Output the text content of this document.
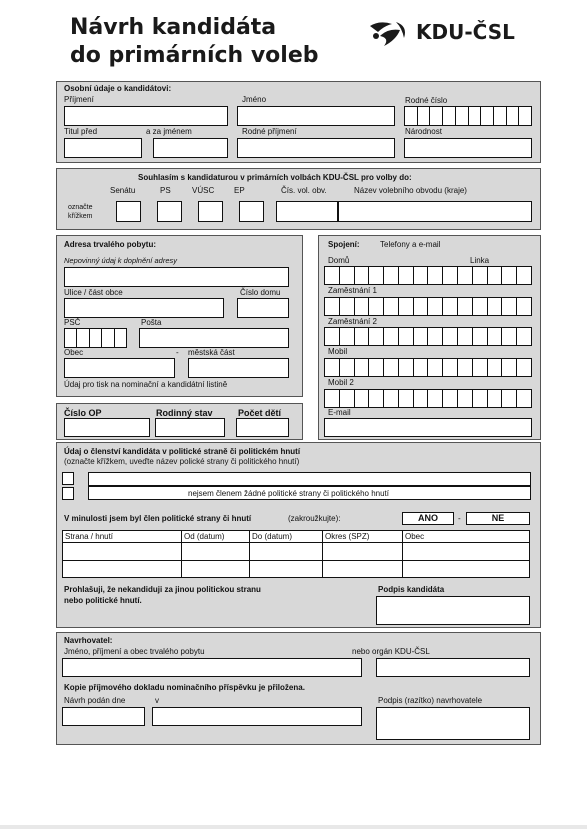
Návrh kandidáta
do primárních voleb
KDU-ČSL
Osobní údaje o kandidátovi:
Příjmení	Jméno	Rodné číslo
Titul před	a za jménem	Rodné příjmení	Národnost
Souhlasím s kandidaturou v primárních volbách KDU-ČSL pro volby do:
Senátu	PS	VÚSC EP	Čís. vol. obv.	Název volebního obvodu (kraje)
označte
křížkem
Adresa trvalého pobytu:
Nepovinný údaj k doplnění adresy
Ulice / část obce	Číslo domu
PSČ	Pošta
Obec	- městská část
Údaj pro tisk na nominační a kandidátní listině
Spojení:	Telefony a e-mail
Domů	Linka
Zaměstnání 1
Zaměstnání 2
Mobil
Mobil 2
E-mail
Číslo OP	Rodinný stav	Počet dětí
Údaj o členství kandidáta v politické straně či politickém hnutí
(označte křížkem, uveďte název polické strany či politického hnutí)
nejsem členem žádné politické strany či politického hnutí
V minulosti jsem byl člen politické strany či hnutí	(zakroužkujte):	ANO	-	NE
Strana / hnutí	Od (datum)	Do (datum)	Okres (SPZ)	Obec
Prohlašuji, že nekandiduji za jinou politickou stranu
nebo politické hnutí.
Podpis kandidáta
Navrhovatel:
Jméno, příjmení a obec trvalého pobytu	nebo orgán KDU-ČSL
Kopie příjmového dokladu nominačního příspěvku je přiložena.
Návrh podán dne	v	Podpis (razítko) navrhovatele
